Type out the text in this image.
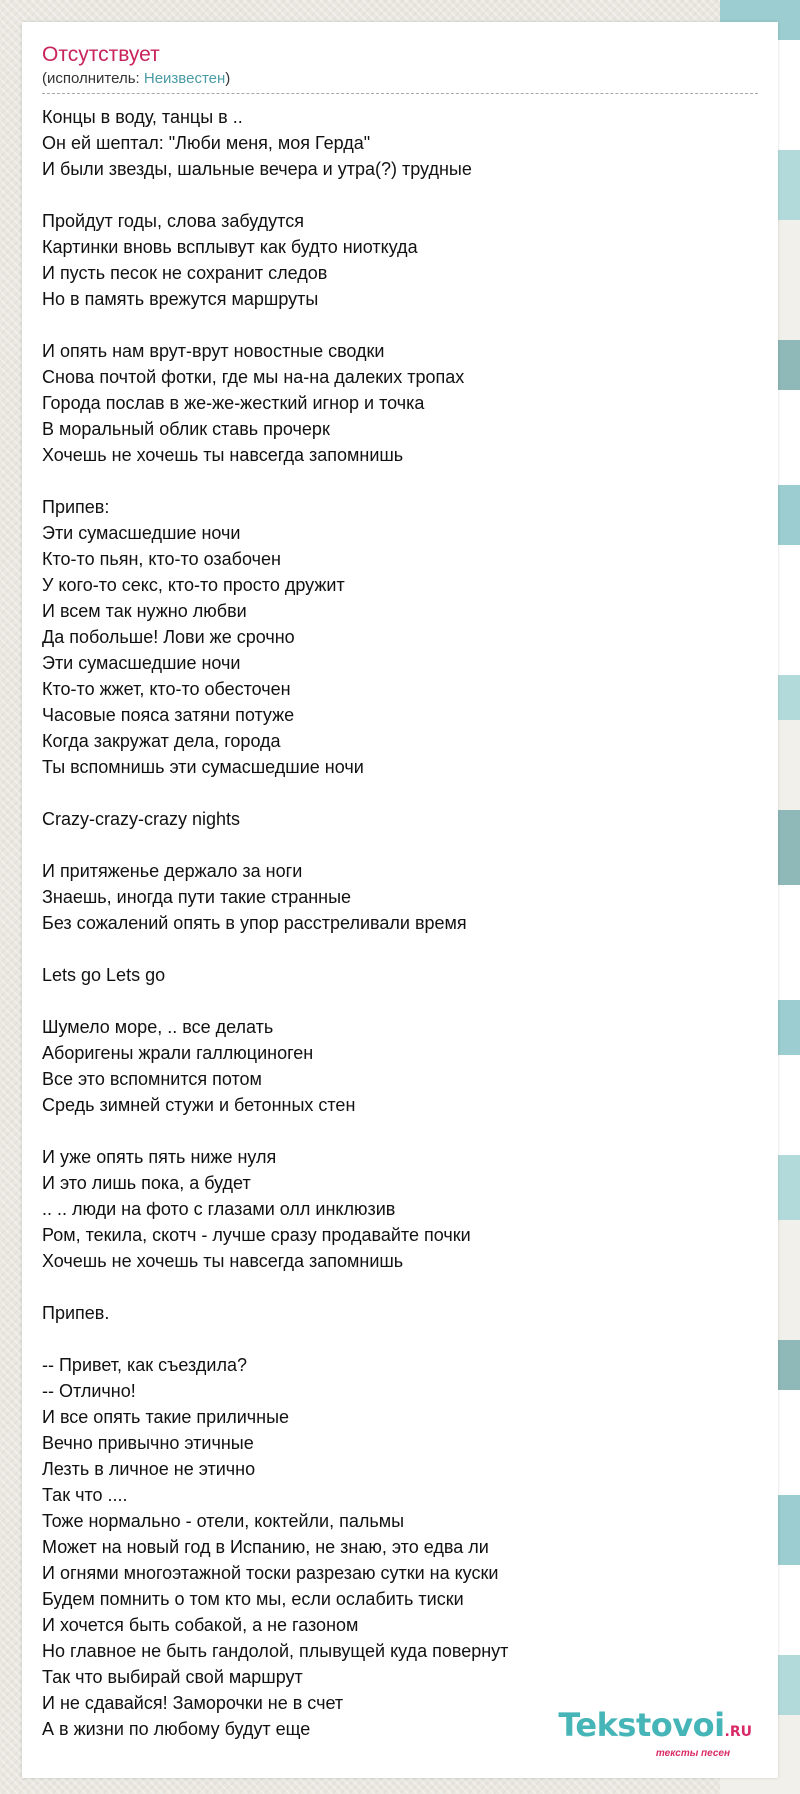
Отсутствует
(исполнитель: Неизвестен)
Концы в воду, танцы в ..
Он ей шептал: "Люби меня, моя Герда"
И были звезды, шальные вечера и утра(?) трудные
Пройдут годы, слова забудутся
Картинки вновь всплывут как будто ниоткуда
И пусть песок не сохранит следов
Но в память врежутся маршруты
И опять нам врут-врут новостные сводки
Снова почтой фотки, где мы на-на далеких тропах
Города послав в же-же-жесткий игнор и точка
В моральный облик ставь прочерк
Хочешь не хочешь ты навсегда запомнишь
Припев:
Эти сумасшедшие ночи
Кто-то пьян, кто-то озабочен
У кого-то секс, кто-то просто дружит
И всем так нужно любви
Да побольше! Лови же срочно
Эти сумасшедшие ночи
Кто-то жжет, кто-то обесточен
Часовые пояса затяни потуже
Когда закружат дела, города
Ты вспомнишь эти сумасшедшие ночи
Crazy-crazy-crazy nights
И притяженье держало за ноги
Знаешь, иногда пути такие странные
Без сожалений опять в упор расстреливали время
Lets go Lets go
Шумело море, .. все делать
Аборигены жрали галлюциноген
Все это вспомнится потом
Средь зимней стужи и бетонных стен
И уже опять пять ниже нуля
И это лишь пока, а будет
.. .. люди на фото с глазами олл инклюзив
Ром, текила, скотч - лучше сразу продавайте почки
Хочешь не хочешь ты навсегда запомнишь
Припев.
-- Привет, как съездила?
-- Отлично!
И все опять такие приличные
Вечно привычно этичные
Лезть в личное не этично
Так что ....
Тоже нормально - отели, коктейли, пальмы
Может на новый год в Испанию, не знаю, это едва ли
И огнями многоэтажной тоски разрезаю сутки на куски
Будем помнить о том кто мы, если ослабить тиски
И хочется быть собакой, а не газоном
Но главное не быть гандолой, плывущей куда повернут
Так что выбирай свой маршрут
И не сдавайся! Заморочки не в счет
А в жизни по любому будут еще	Tekstovoi.RU
тексты песен
